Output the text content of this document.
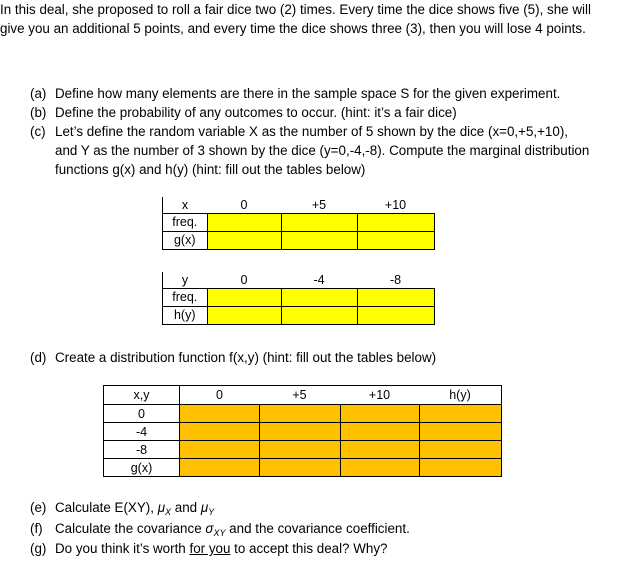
In this deal, she proposed to roll a fair dice two (2) times. Every time the dice shows five (5), she will give you an additional 5 points, and every time the dice shows three (3), then you will lose 4 points.

(a) Define how many elements are there in the sample space S for the given experiment.
(b) Define the probability of any outcomes to occur. (hint: it’s a fair dice)
(c) Let’s define the random variable X as the number of 5 shown by the dice (x=0,+5,+10),
and Y as the number of 3 shown by the dice (y=0,-4,-8). Compute the marginal distribution
functions g(x) and h(y) (hint: fill out the tables below)
x	0	+5	+10
freq.			
g(x)			
y	0	-4	-8
freq.			
h(y)			
(d) Create a distribution function f(x,y) (hint: fill out the tables below)
x,y	0	+5	+10	h(y)
0				
-4				
-8				
g(x)				
(e) Calculate E(XY), $\mu_X$ and $\mu_Y$
(f) Calculate the covariance $\sigma_{XY}$ and the covariance coefficient.
(g) Do you think it’s worth for you to accept this deal? Why?
